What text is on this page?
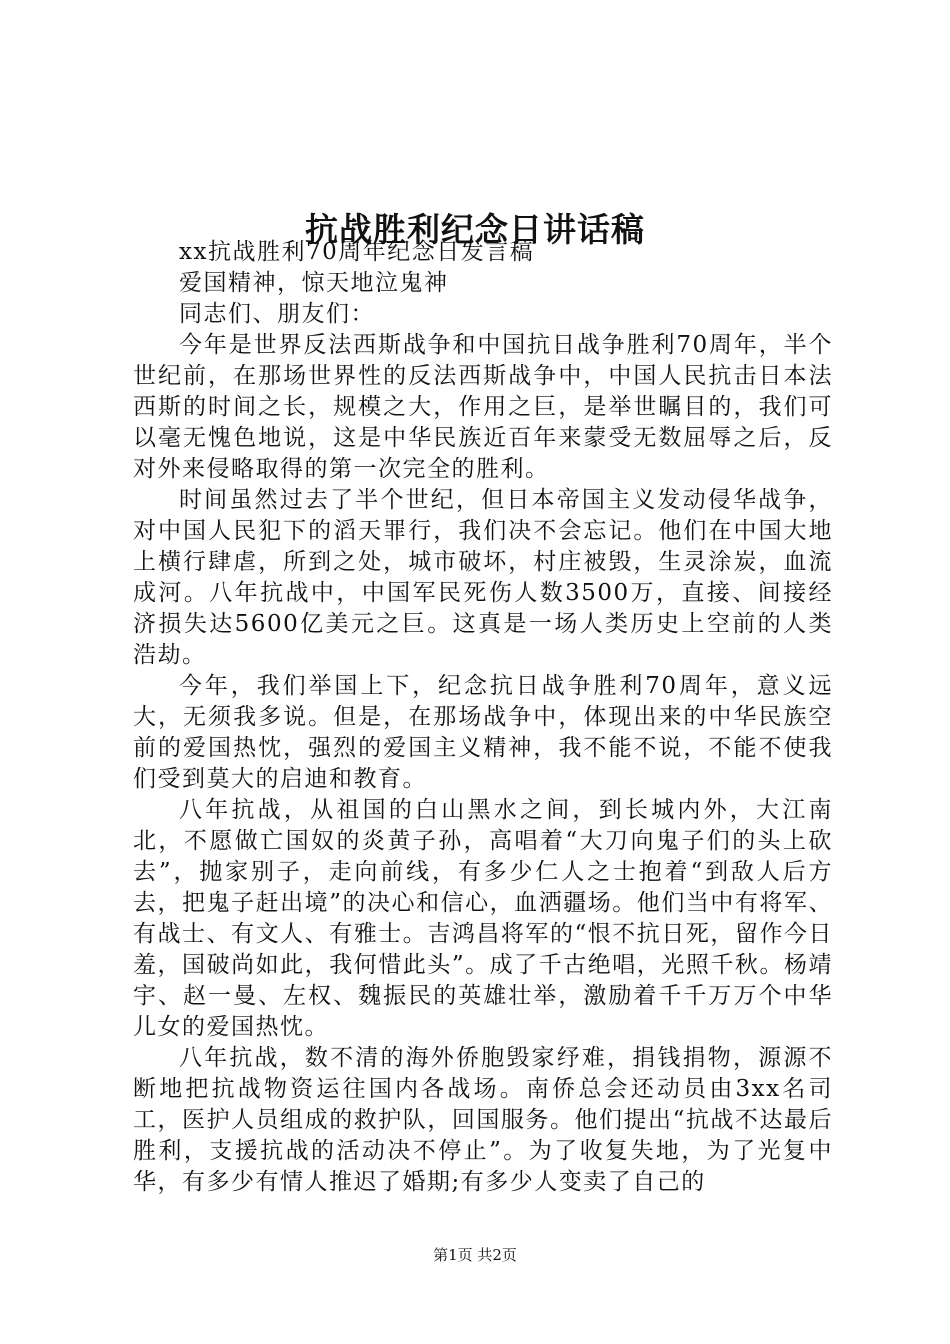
抗战胜利纪念日讲话稿

xx抗战胜利70周年纪念日发言稿

爱国精神，惊天地泣鬼神

同志们、朋友们：

今年是世界反法西斯战争和中国抗日战争胜利70周年，半个世纪前，在那场世界性的反法西斯战争中，中国人民抗击日本法西斯的时间之长，规模之大，作用之巨，是举世瞩目的，我们可以毫无愧色地说，这是中华民族近百年来蒙受无数屈辱之后，反对外来侵略取得的第一次完全的胜利。

时间虽然过去了半个世纪，但日本帝国主义发动侵华战争，对中国人民犯下的滔天罪行，我们决不会忘记。他们在中国大地上横行肆虐，所到之处，城市破坏，村庄被毁，生灵涂炭，血流成河。八年抗战中，中国军民死伤人数3500万，直接、间接经济损失达5600亿美元之巨。这真是一场人类历史上空前的人类浩劫。

今年，我们举国上下，纪念抗日战争胜利70周年，意义远大，无须我多说。但是，在那场战争中，体现出来的中华民族空前的爱国热忱，强烈的爱国主义精神，我不能不说，不能不使我们受到莫大的启迪和教育。

八年抗战，从祖国的白山黑水之间，到长城内外，大江南北，不愿做亡国奴的炎黄子孙，高唱着“大刀向鬼子们的头上砍去”，抛家别子，走向前线，有多少仁人之士抱着“到敌人后方去，把鬼子赶出境”的决心和信心，血洒疆场。他们当中有将军、有战士、有文人、有雅士。吉鸿昌将军的“恨不抗日死，留作今日羞，国破尚如此，我何惜此头”。成了千古绝唱，光照千秋。杨靖宇、赵一曼、左权、魏振民的英雄壮举，激励着千千万万个中华儿女的爱国热忱。

八年抗战，数不清的海外侨胞毁家纾难，捐钱捐物，源源不断地把抗战物资运往国内各战场。南侨总会还动员由3xx名司工，医护人员组成的救护队，回国服务。他们提出“抗战不达最后胜利，支援抗战的活动决不停止”。为了收复失地，为了光复中华，有多少有情人推迟了婚期;有多少人变卖了自己的

第1页 共2页
